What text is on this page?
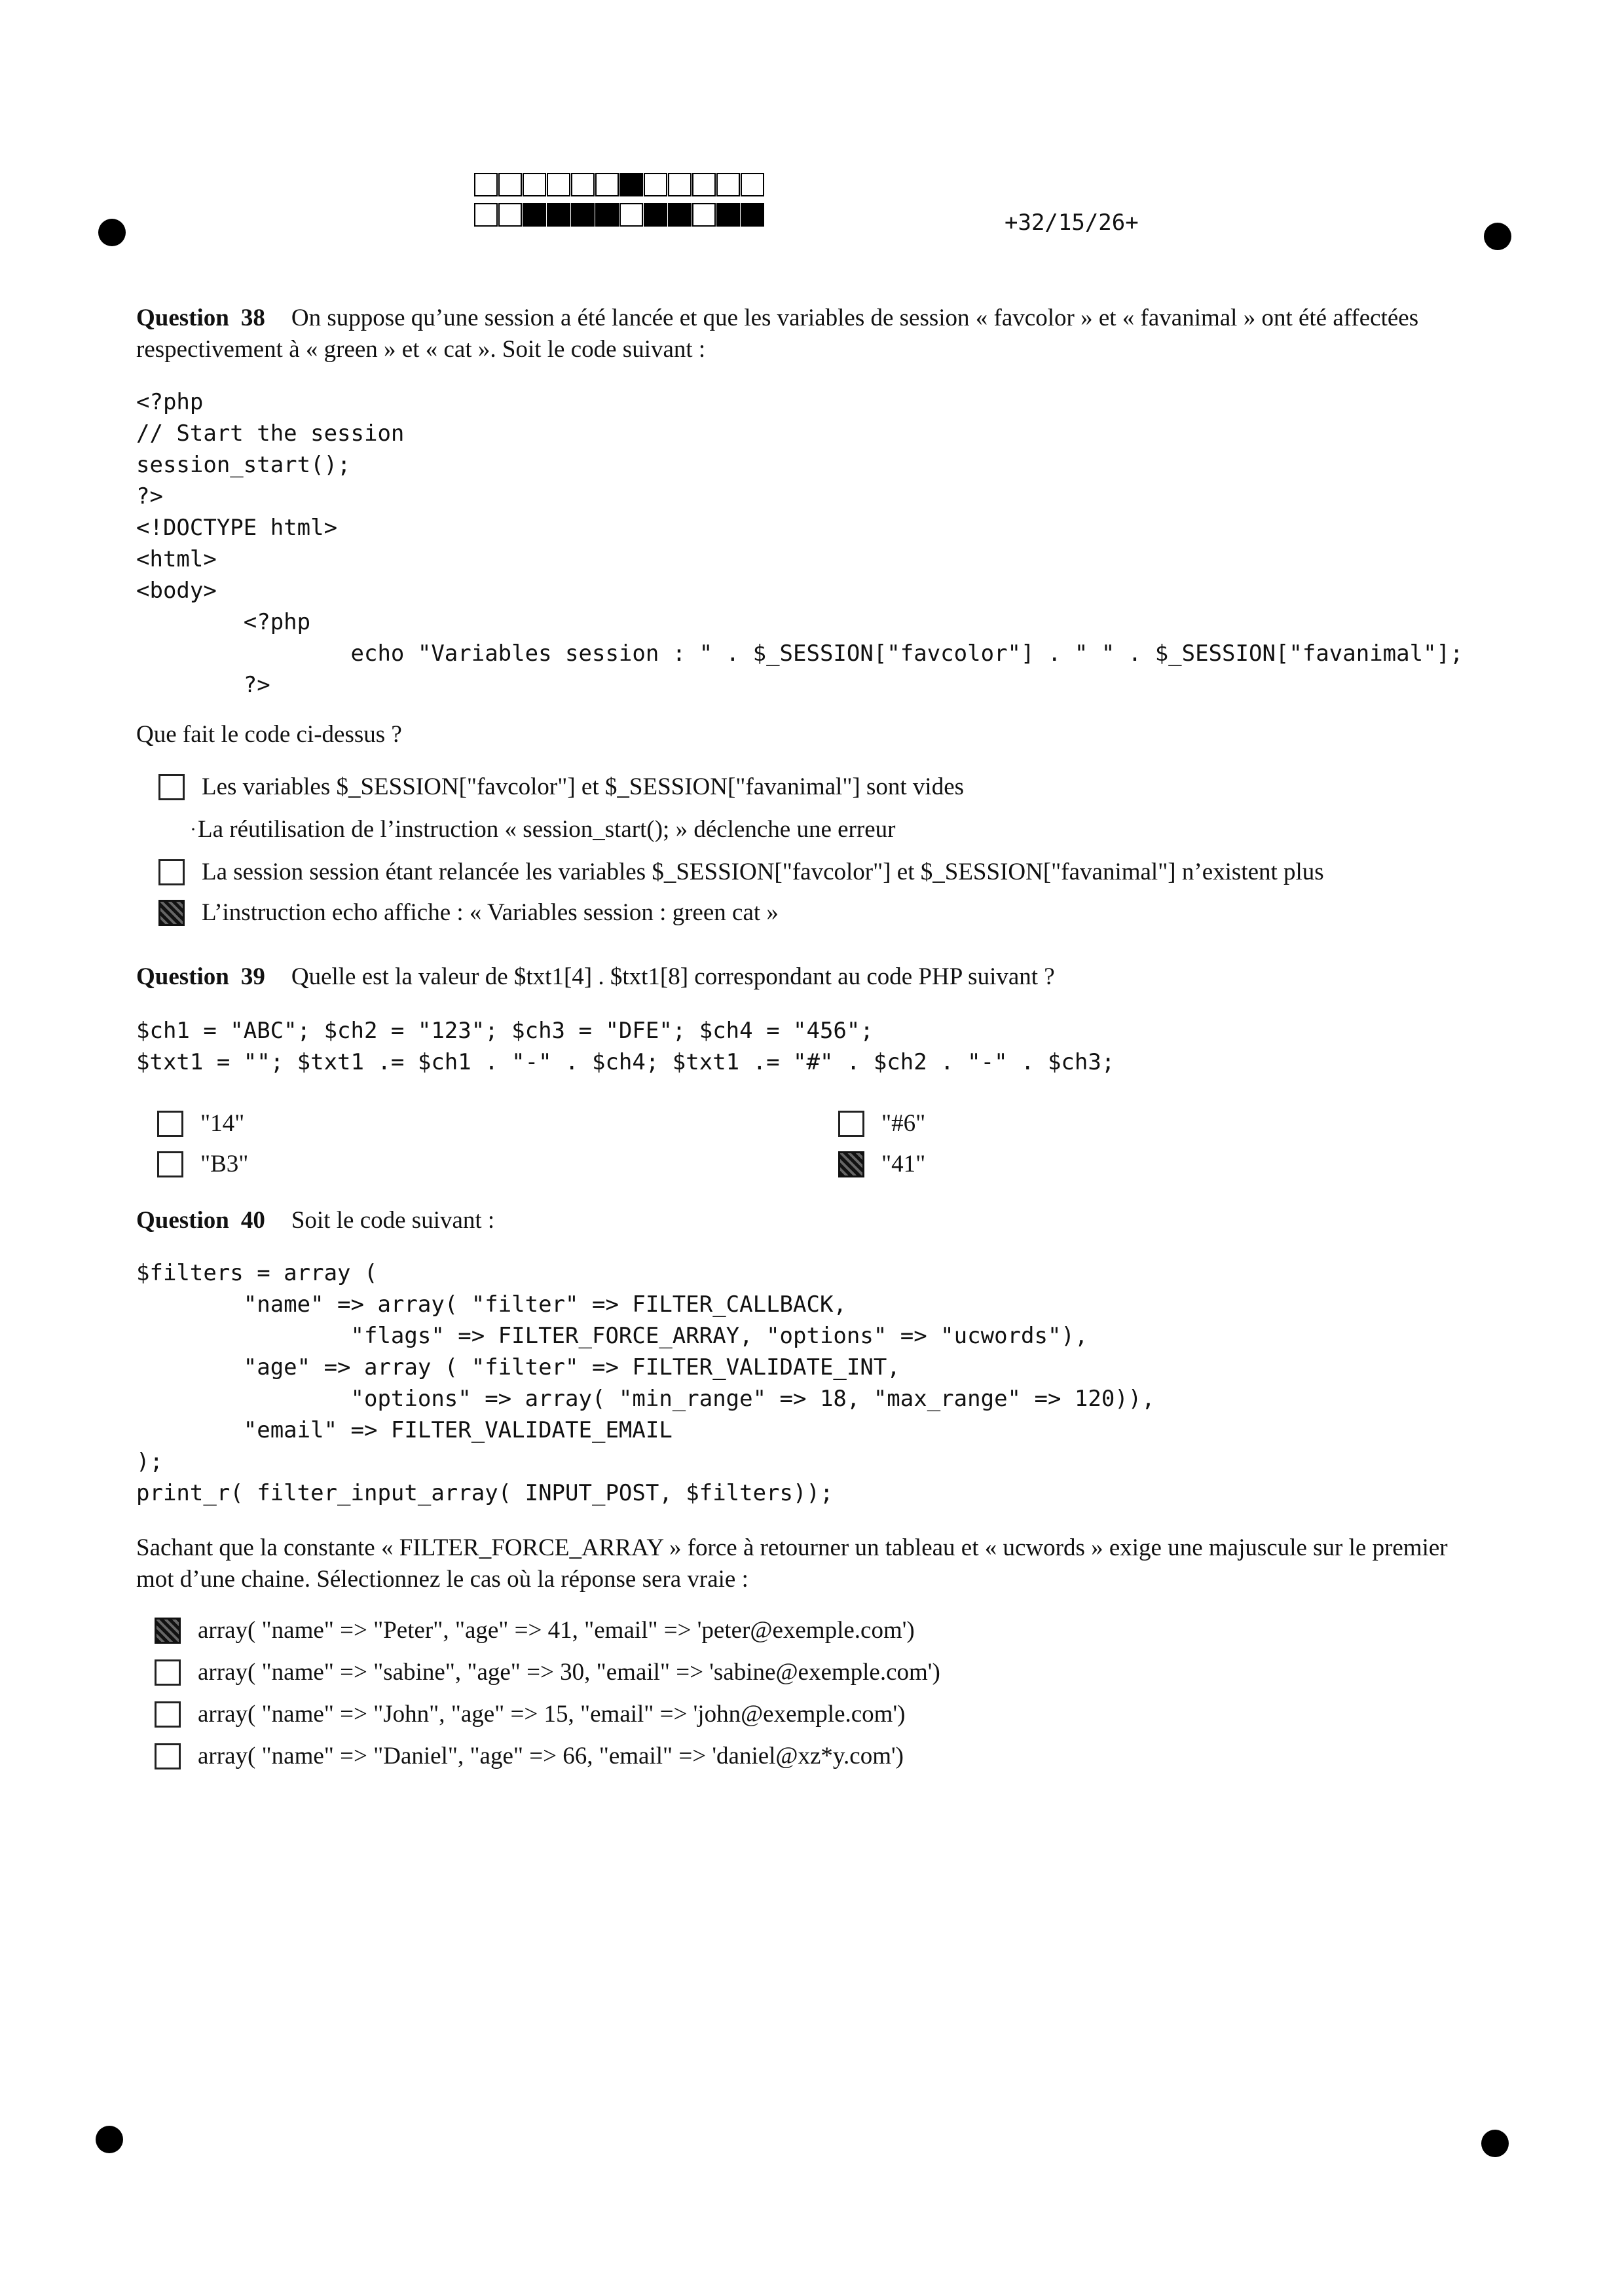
+32/15/26+

Question 38 On suppose qu’une session a été lancée et que les variables de session « favcolor » et « favanimal » ont été affectées respectivement à « green » et « cat ». Soit le code suivant :

<?php
// Start the session
session_start();
?>
<!DOCTYPE html>
<html>
<body>
<?php
echo "Variables session : " . $_SESSION["favcolor"] . " " . $_SESSION["favanimal"];
?>
Que fait le code ci-dessus ?
Les variables $_SESSION["favcolor"] et $_SESSION["favanimal"] sont vides
· La réutilisation de l’instruction « session_start(); » déclenche une erreur
La session session étant relancée les variables $_SESSION["favcolor"] et $_SESSION["favanimal"] n’existent plus
L’instruction echo affiche : « Variables session : green cat »

Question 39 Quelle est la valeur de $txt1[4] . $txt1[8] correspondant au code PHP suivant ?

$ch1 = "ABC"; $ch2 = "123"; $ch3 = "DFE"; $ch4 = "456";
$txt1 = ""; $txt1 .= $ch1 . "-" . $ch4; $txt1 .= "#" . $ch2 . "-" . $ch3;
"14"	"#6"
"B3"	"41"

Question 40 Soit le code suivant :

$filters = array (
"name" => array( "filter" => FILTER_CALLBACK,
"flags" => FILTER_FORCE_ARRAY, "options" => "ucwords"),
"age" => array ( "filter" => FILTER_VALIDATE_INT,
"options" => array( "min_range" => 18, "max_range" => 120)),
"email" => FILTER_VALIDATE_EMAIL
);
print_r( filter_input_array( INPUT_POST, $filters));

Sachant que la constante « FILTER_FORCE_ARRAY » force à retourner un tableau et « ucwords » exige une majuscule sur le premier mot d’une chaine. Sélectionnez le cas où la réponse sera vraie :

array( "name" => "Peter", "age" => 41, "email" => 'peter@exemple.com')
array( "name" => "sabine", "age" => 30, "email" => 'sabine@exemple.com')
array( "name" => "John", "age" => 15, "email" => 'john@exemple.com')
array( "name" => "Daniel", "age" => 66, "email" => 'daniel@xz*y.com')
